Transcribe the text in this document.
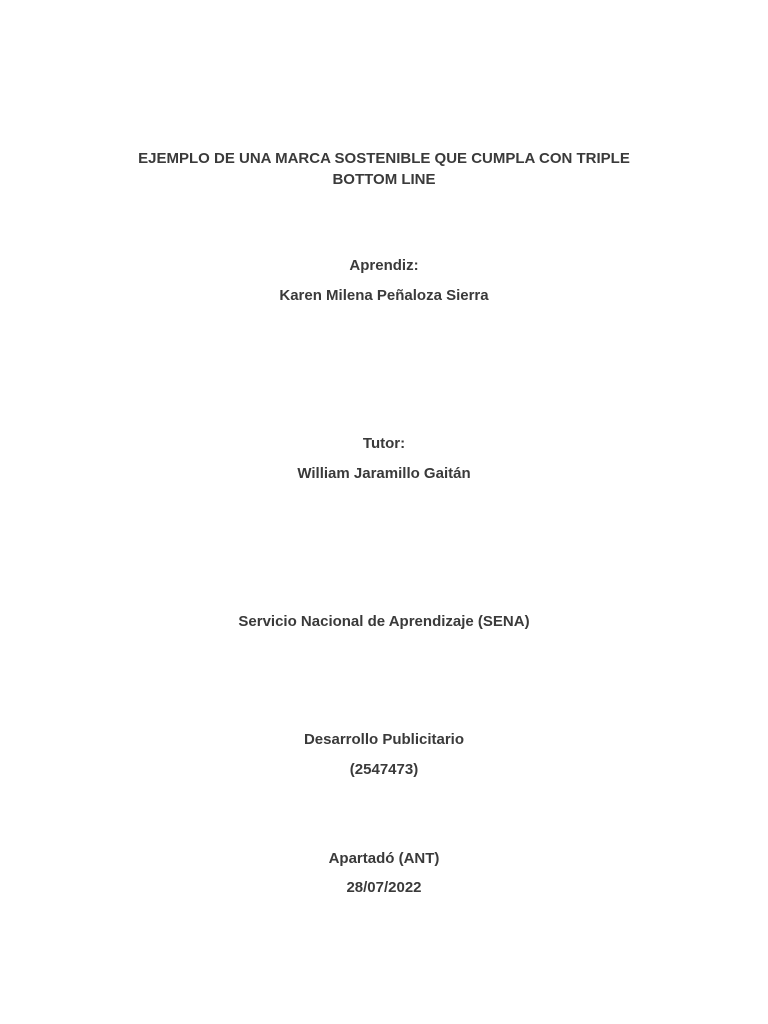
EJEMPLO DE UNA MARCA SOSTENIBLE QUE CUMPLA CON TRIPLE
BOTTOM LINE
Aprendiz:
Karen Milena Peñaloza Sierra
Tutor:
William Jaramillo Gaitán
Servicio Nacional de Aprendizaje (SENA)
Desarrollo Publicitario
(2547473)
Apartadó (ANT)
28/07/2022
